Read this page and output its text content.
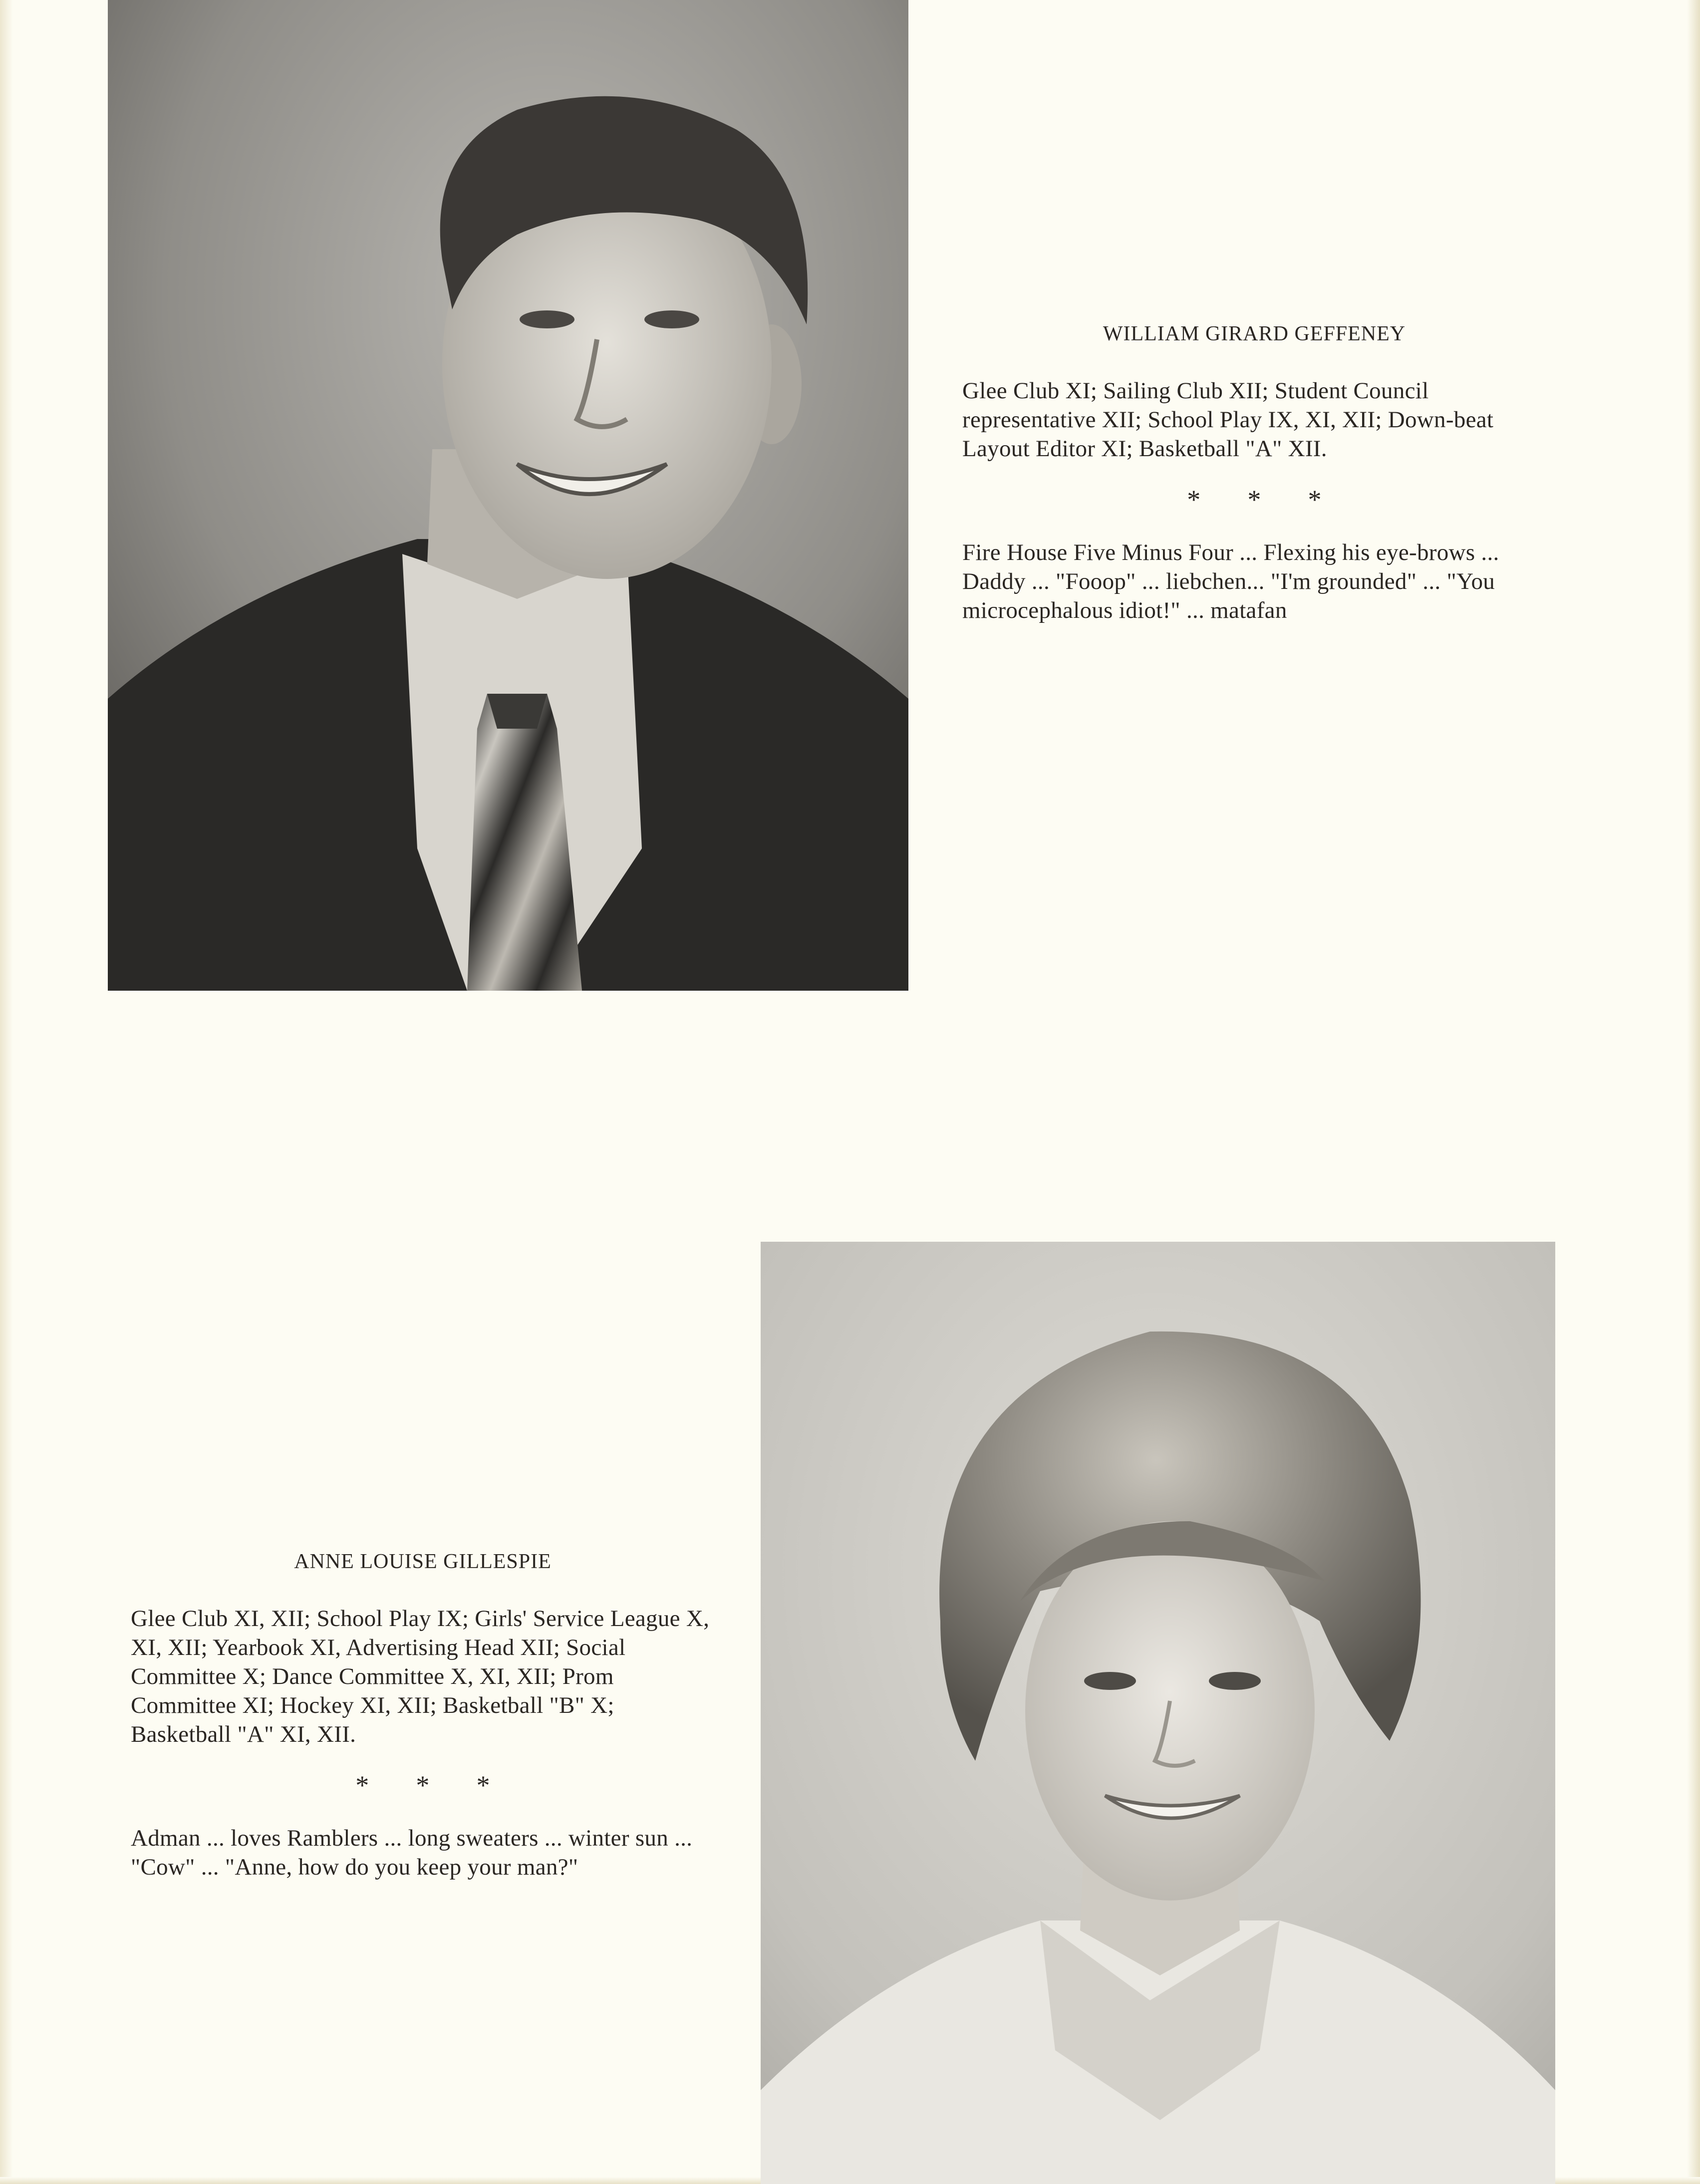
WILLIAM GIRARD GEFFENEY

Glee Club XI; Sailing Club XII; Student Council representative XII; School Play IX, XI, XII; Down-beat Layout Editor XI; Basketball "A" XII.

* * *

Fire House Five Minus Four ... Flexing his eye-brows ... Daddy ... "Fooop" ... liebchen... "I'm grounded" ... "You microcephalous idiot!" ... matafan

ANNE LOUISE GILLESPIE

Glee Club XI, XII; School Play IX; Girls' Service League X, XI, XII; Yearbook XI, Advertising Head XII; Social Committee X; Dance Committee X, XI, XII; Prom Committee XI; Hockey XI, XII; Basketball "B" X; Basketball "A" XI, XII.

* * *

Adman ... loves Ramblers ... long sweaters ... winter sun ... "Cow" ... "Anne, how do you keep your man?"
